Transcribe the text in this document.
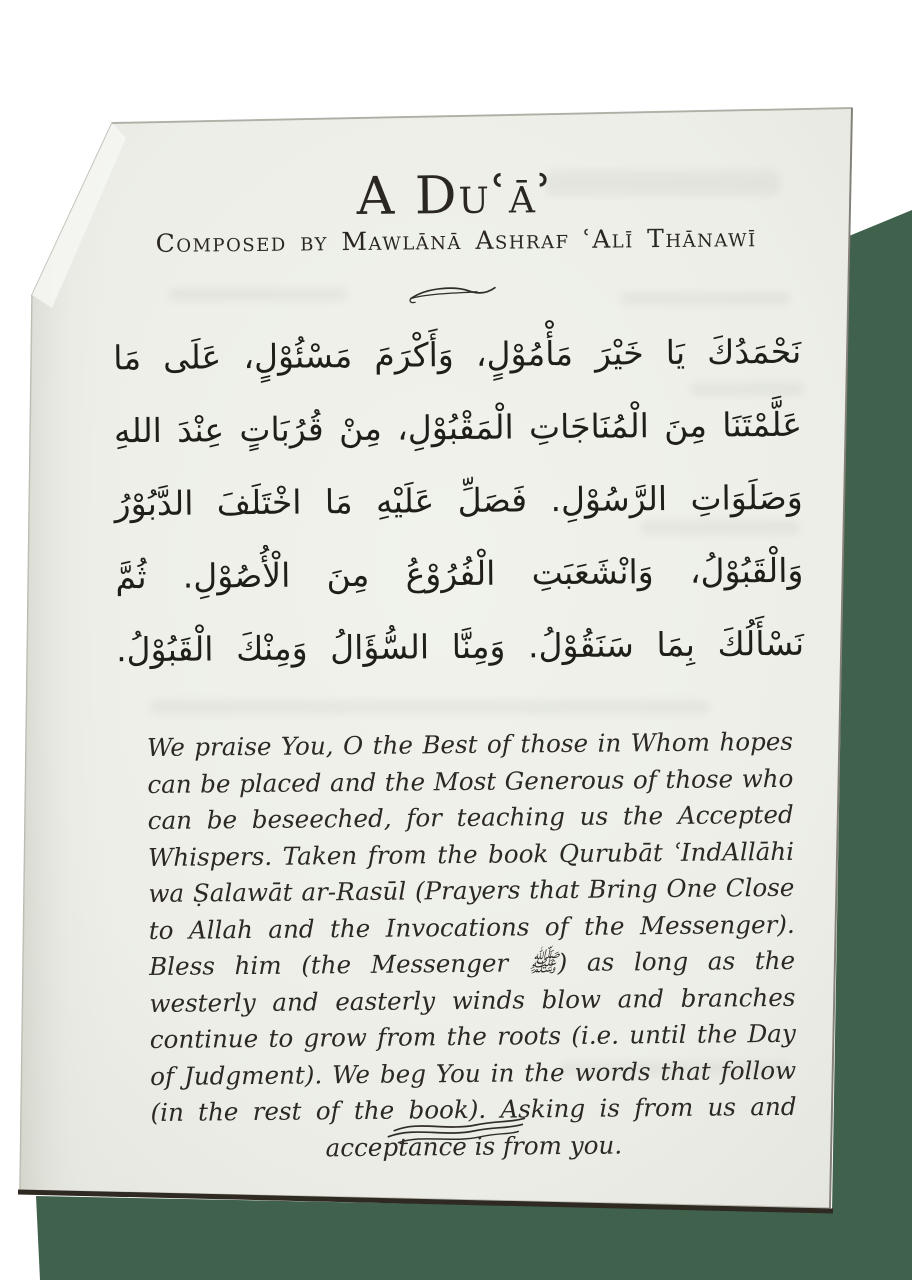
A Duʿāʾ
Composed by Mawlānā Ashraf ʿAlī Thānawī
نَحْمَدُكَ يَا خَيْرَ مَأْمُوْلٍ، وَأَكْرَمَ مَسْئُوْلٍ، عَلَى مَا
عَلَّمْتَنَا مِنَ الْمُنَاجَاتِ الْمَقْبُوْلِ، مِنْ قُرُبَاتٍ عِنْدَ اللهِ
وَصَلَوَاتِ الرَّسُوْلِ. فَصَلِّ عَلَيْهِ مَا اخْتَلَفَ الدَّبُوْرُ
وَالْقَبُوْلُ، وَانْشَعَبَتِ الْفُرُوْعُ مِنَ الْأُصُوْلِ. ثُمَّ
نَسْأَلُكَ بِمَا سَنَقُوْلُ. وَمِنَّا السُّؤَالُ وَمِنْكَ الْقَبُوْلُ.
We praise You, O the Best of those in Whom hopes can be placed and the Most Generous of those who can be beseeched, for teaching us the Accepted Whispers. Taken from the book Qurubāt ʿIndAllāhi wa Ṣalawāt ar-Rasūl (Prayers that Bring One Close to Allah and the Invocations of the Messenger). Bless him (the Messenger ﷺ) as long as the westerly and easterly winds blow and branches continue to grow from the roots (i.e. until the Day of Judgment). We beg You in the words that follow (in the rest of the book). Asking is from us and acceptance is from you.
